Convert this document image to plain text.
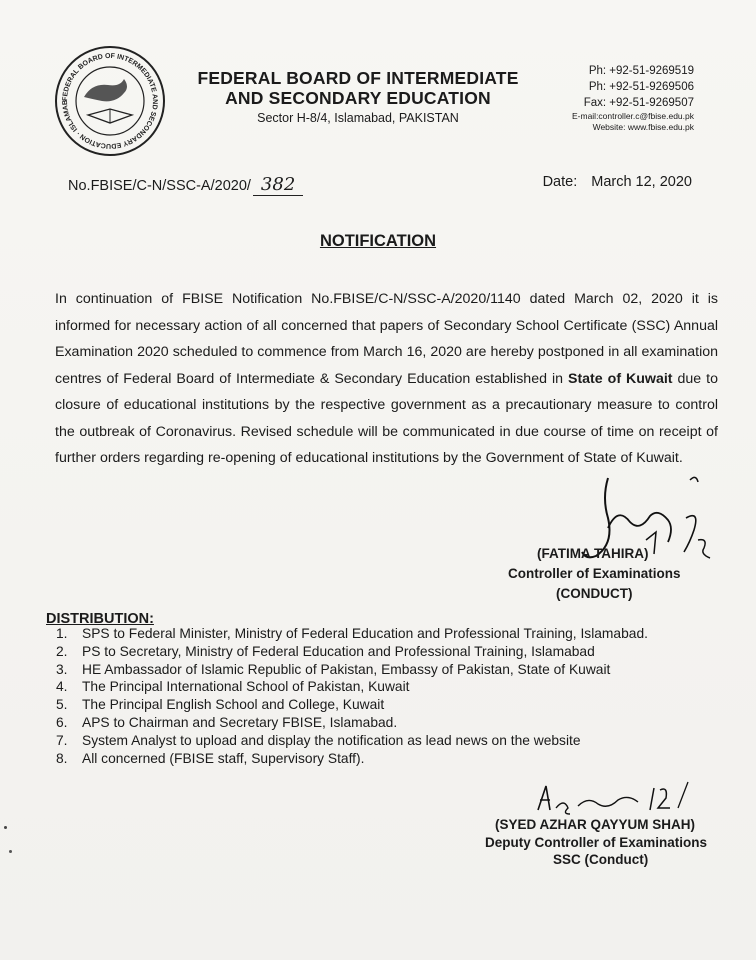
FEDERAL BOARD OF INTERMEDIATE AND SECONDARY EDUCATION · ISLAMAB
FEDERAL BOARD OF INTERMEDIATE
AND SECONDARY EDUCATION
Sector H-8/4, Islamabad, PAKISTAN
Ph: +92-51-9269519
Ph: +92-51-9269506
Fax: +92-51-9269507
E-mail:controller.c@fbise.edu.pk
Website: www.fbise.edu.pk
No.FBISE/C-N/SSC-A/2020/ 382	Date: March 12, 2020
NOTIFICATION
In continuation of FBISE Notification No.FBISE/C-N/SSC-A/2020/1140 dated March 02, 2020 it is informed for necessary action of all concerned that papers of Secondary School Certificate (SSC) Annual Examination 2020 scheduled to commence from March 16, 2020 are hereby postponed in all examination centres of Federal Board of Intermediate & Secondary Education established in State of Kuwait due to closure of educational institutions by the respective government as a precautionary measure to control the outbreak of Coronavirus. Revised schedule will be communicated in due course of time on receipt of further orders regarding re-opening of educational institutions by the Government of State of Kuwait.
(FATIMA TAHIRA)
Controller of Examinations
(CONDUCT)
DISTRIBUTION:
1.	SPS to Federal Minister, Ministry of Federal Education and Professional Training, Islamabad.
2.	PS to Secretary, Ministry of Federal Education and Professional Training, Islamabad
3.	HE Ambassador of Islamic Republic of Pakistan, Embassy of Pakistan, State of Kuwait
4.	The Principal International School of Pakistan, Kuwait
5.	The Principal English School and College, Kuwait
6.	APS to Chairman and Secretary FBISE, Islamabad.
7.	System Analyst to upload and display the notification as lead news on the website
8.	All concerned (FBISE staff, Supervisory Staff).
(SYED AZHAR QAYYUM SHAH)
Deputy Controller of Examinations
SSC (Conduct)
